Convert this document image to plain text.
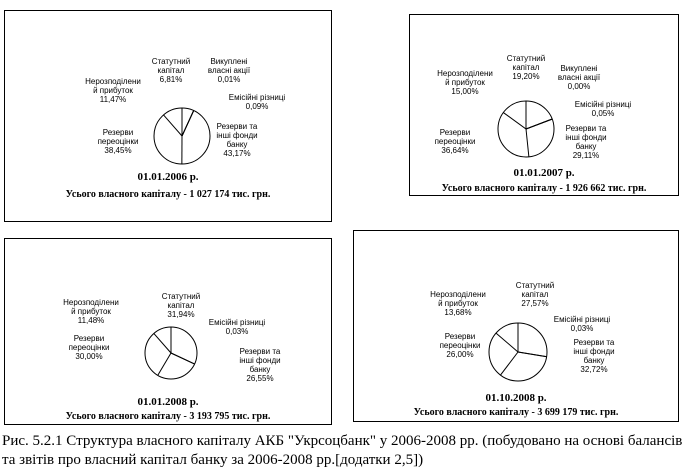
Статутний капітал 6,81%
Викуплені власні акції 0,01%
Емісійні різниці 0,09%
Резерви та інші фонди банку 43,17%
Резерви переоцінки 38,45%
Нерозподілени й прибуток 11,47%
01.01.2006 р.
Усього власного капіталу - 1 027 174 тис. грн.
Статутний капітал 19,20%
Викуплені власні акції 0,00%
Емісійні різниці 0,05%
Резерви та інші фонди банку 29,11%
Резерви переоцінки 36,64%
Нерозподілени й прибуток 15,00%
01.01.2007 р.
Усього власного капіталу - 1 926 662 тис. грн.
Статутний капітал 31,94%
Емісійні різниці 0,03%
Резерви та інші фонди банку 26,55%
Резерви переоцінки 30,00%
Нерозподілени й прибуток 11,48%
01.01.2008 р.
Усього власного капіталу - 3 193 795 тис. грн.
Статутний капітал 27,57%
Емісійні різниці 0,03%
Резерви та інші фонди банку 32,72%
Резерви переоцінки 26,00%
Нерозподілени й прибуток 13,68%
01.10.2008 р.
Усього власного капіталу - 3 699 179 тис. грн.
Рис. 5.2.1 Структура власного капіталу АКБ "Укрсоцбанк" у 2006-2008 рр. (побудовано на основі балансів та звітів про власний капітал банку за 2006-2008 рр.[додатки 2,5])
